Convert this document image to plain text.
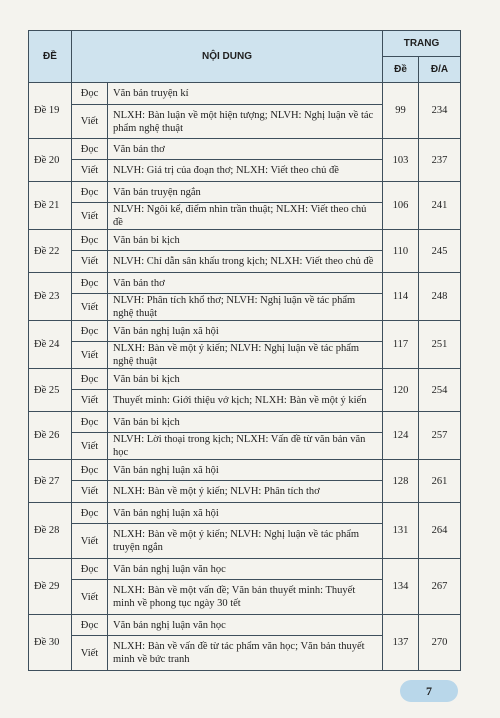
ĐỀ	NỘI DUNG		TRANG	
			Đề	Đ/A
Đề 19	Đọc	Văn bản truyện kí	99	234
	Viết	NLXH: Bàn luận về một hiện tượng; NLVH: Nghị luận về tác phẩm nghệ thuật		
Đề 20	Đọc	Văn bản thơ	103	237
	Viết	NLVH: Giá trị của đoạn thơ; NLXH: Viết theo chủ đề		
Đề 21	Đọc	Văn bản truyện ngắn	106	241
	Viết	NLVH: Ngôi kể, điểm nhìn trần thuật; NLXH: Viết theo chủ đề		
Đề 22	Đọc	Văn bản bi kịch	110	245
	Viết	NLVH: Chỉ dẫn sân khấu trong kịch; NLXH: Viết theo chủ đề		
Đề 23	Đọc	Văn bản thơ	114	248
	Viết	NLVH: Phân tích khổ thơ; NLVH: Nghị luận về tác phẩm nghệ thuật		
Đề 24	Đọc	Văn bản nghị luận xã hội	117	251
	Viết	NLXH: Bàn về một ý kiến; NLVH: Nghị luận về tác phẩm nghệ thuật		
Đề 25	Đọc	Văn bản bi kịch	120	254
	Viết	Thuyết minh: Giới thiệu vở kịch; NLXH: Bàn về một ý kiến		
Đề 26	Đọc	Văn bản bi kịch	124	257
	Viết	NLVH: Lời thoại trong kịch; NLXH: Vấn đề từ văn bản văn học		
Đề 27	Đọc	Văn bản nghị luận xã hội	128	261
	Viết	NLXH: Bàn về một ý kiến; NLVH: Phân tích thơ		
Đề 28	Đọc	Văn bản nghị luận xã hội	131	264
	Viết	NLXH: Bàn về một ý kiến; NLVH: Nghị luận về tác phẩm truyện ngắn		
Đề 29	Đọc	Văn bản nghị luận văn học	134	267
	Viết	NLXH: Bàn về một vấn đề; Văn bản thuyết minh: Thuyết minh về phong tục ngày 30 tết		
Đề 30	Đọc	Văn bản nghị luận văn học	137	270
	Viết	NLXH: Bàn về vấn đề từ tác phẩm văn học; Văn bản thuyết minh về bức tranh		
7
